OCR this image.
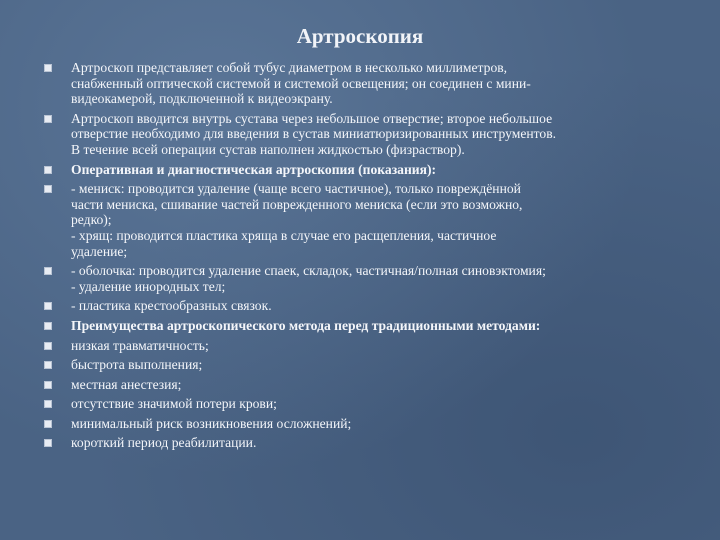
Артроскопия
Артроскоп представляет собой тубус диаметром в несколько миллиметров,
снабженный оптической системой и системой освещения; он соединен с мини-
видеокамерой, подключенной к видеоэкрану.
Артроскоп вводится внутрь сустава через небольшое отверстие; второе небольшое
отверстие необходимо для введения в сустав миниатюризированных инструментов.
В течение всей операции сустав наполнен жидкостью (физраствор).
Оперативная и диагностическая артроскопия (показания):
- мениск: проводится удаление (чаще всего частичное), только повреждённой
части мениска, сшивание частей поврежденного мениска (если это возможно,
редко);
- хрящ: проводится пластика хряща в случае его расщепления, частичное
удаление;
- оболочка: проводится удаление спаек, складок, частичная/полная синовэктомия;
- удаление инородных тел;
- пластика крестообразных связок.
Преимущества артроскопического метода перед традиционными методами:
низкая травматичность;
быстрота выполнения;
местная анестезия;
отсутствие значимой потери крови;
минимальный риск возникновения осложнений;
короткий период реабилитации.
